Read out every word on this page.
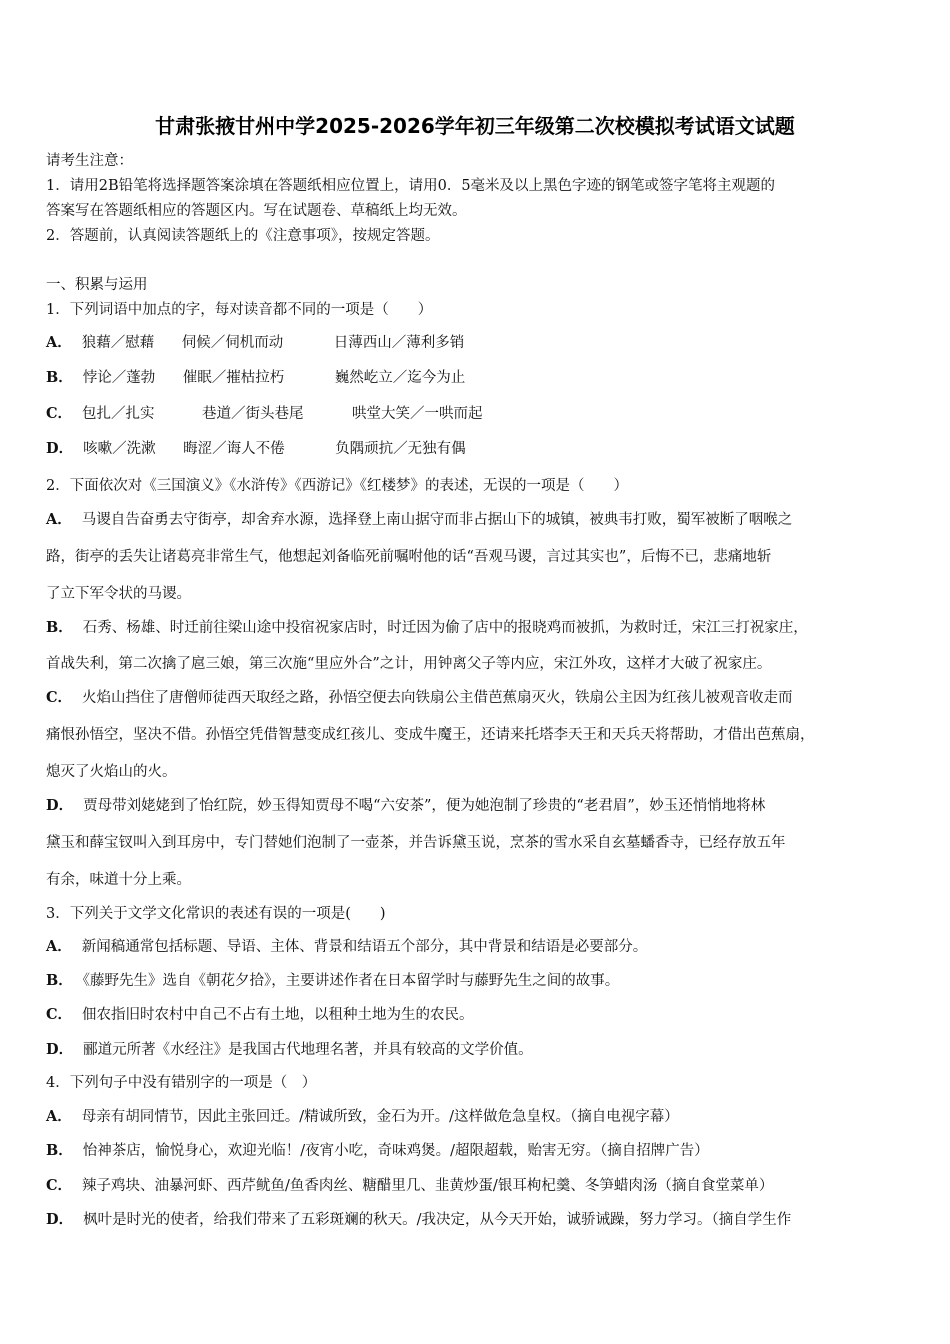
甘肃张掖甘州中学2025-2026学年初三年级第二次校模拟考试语文试题
请考生注意：
1．请用2B铅笔将选择题答案涂填在答题纸相应位置上，请用0．5毫米及以上黑色字迹的钢笔或签字笔将主观题的
答案写在答题纸相应的答题区内。写在试题卷、草稿纸上均无效。
2．答题前，认真阅读答题纸上的《注意事项》，按规定答题。
一、积累与运用
1．下列词语中加点的字，每对读音都不同的一项是（　　）
A． 狼藉／慰藉 伺候／伺机而动	日薄西山／薄利多销
B． 悖论／蓬勃 催眠／摧枯拉朽	巍然屹立／迄今为止
C． 包扎／扎实	巷道／街头巷尾	哄堂大笑／一哄而起
D． 咳嗽／洗漱 晦涩／诲人不倦	负隅顽抗／无独有偶
2．下面依次对《三国演义》《水浒传》《西游记》《红楼梦》的表述，无误的一项是（　　）
A． 马谡自告奋勇去守街亭，却舍弃水源，选择登上南山据守而非占据山下的城镇，被典韦打败，蜀军被断了咽喉之
路，街亭的丢失让诸葛亮非常生气，他想起刘备临死前嘱咐他的话“吾观马谡，言过其实也”，后悔不已，悲痛地斩
了立下军令状的马谡。
B． 石秀、杨雄、时迁前往梁山途中投宿祝家店时，时迁因为偷了店中的报晓鸡而被抓，为救时迁，宋江三打祝家庄，
首战失利，第二次擒了扈三娘，第三次施“里应外合”之计，用钟离父子等内应，宋江外攻，这样才大破了祝家庄。
C． 火焰山挡住了唐僧师徒西天取经之路，孙悟空便去向铁扇公主借芭蕉扇灭火，铁扇公主因为红孩儿被观音收走而
痛恨孙悟空，坚决不借。孙悟空凭借智慧变成红孩儿、变成牛魔王，还请来托塔李天王和天兵天将帮助，才借出芭蕉扇，
熄灭了火焰山的火。
D． 贾母带刘姥姥到了怡红院，妙玉得知贾母不喝“六安茶”，便为她泡制了珍贵的“老君眉”，妙玉还悄悄地将林
黛玉和薛宝钗叫入到耳房中，专门替她们泡制了一壶茶，并告诉黛玉说，烹茶的雪水采自玄墓蟠香寺，已经存放五年
有余，味道十分上乘。
3．下列关于文学文化常识的表述有误的一项是(　　)
A． 新闻稿通常包括标题、导语、主体、背景和结语五个部分，其中背景和结语是必要部分。
B． 《藤野先生》选自《朝花夕拾》，主要讲述作者在日本留学时与藤野先生之间的故事。
C． 佃农指旧时农村中自己不占有土地，以租种土地为生的农民。
D． 郦道元所著《水经注》是我国古代地理名著，并具有较高的文学价值。
4．下列句子中没有错别字的一项是（　）
A． 母亲有胡同情节，因此主张回迁。/精诚所致，金石为开。/这样做危急皇权。（摘自电视字幕）
B． 怡神茶店，愉悦身心，欢迎光临！/夜宵小吃，奇味鸡煲。/超限超载，贻害无穷。（摘自招牌广告）
C． 辣子鸡块、油暴河虾、西芹鱿鱼/鱼香肉丝、糖醋里几、韭黄炒蛋/银耳枸杞羹、冬笋蜡肉汤（摘自食堂菜单）
D． 枫叶是时光的使者，给我们带来了五彩斑斓的秋天。/我决定，从今天开始，诚骄诫躁，努力学习。（摘自学生作
